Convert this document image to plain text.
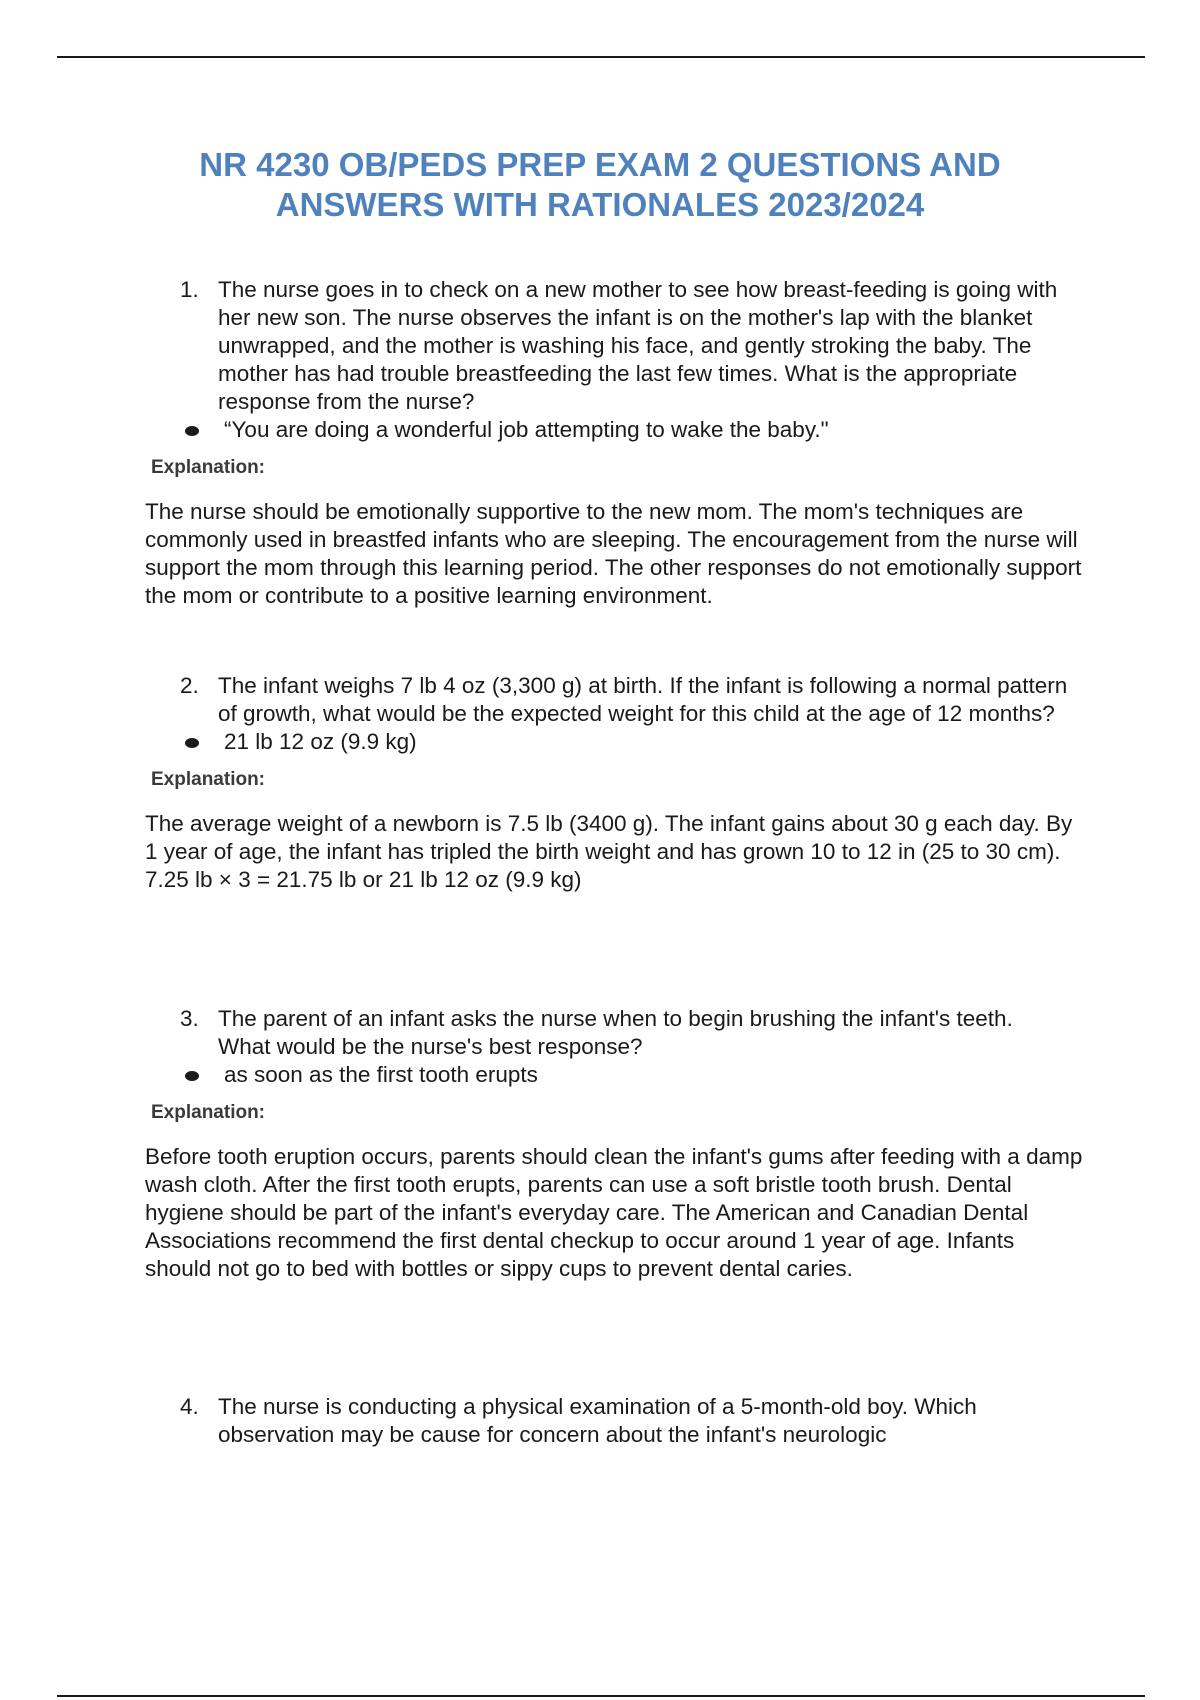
NR 4230 OB/PEDS PREP EXAM 2 QUESTIONS AND
ANSWERS WITH RATIONALES 2023/2024
1. The nurse goes in to check on a new mother to see how breast-feeding is going with her new son. The nurse observes the infant is on the mother's lap with the blanket unwrapped, and the mother is washing his face, and gently stroking the baby. The mother has had trouble breastfeeding the last few times. What is the appropriate response from the nurse?
“You are doing a wonderful job attempting to wake the baby."
Explanation:
The nurse should be emotionally supportive to the new mom. The mom's techniques are commonly used in breastfed infants who are sleeping. The encouragement from the nurse will support the mom through this learning period. The other responses do not emotionally support the mom or contribute to a positive learning environment.
2. The infant weighs 7 lb 4 oz (3,300 g) at birth. If the infant is following a normal pattern of growth, what would be the expected weight for this child at the age of 12 months?
21 lb 12 oz (9.9 kg)
Explanation:
The average weight of a newborn is 7.5 lb (3400 g). The infant gains about 30 g each day. By 1 year of age, the infant has tripled the birth weight and has grown 10 to 12 in (25 to 30 cm). 7.25 lb × 3 = 21.75 lb or 21 lb 12 oz (9.9 kg)
3. The parent of an infant asks the nurse when to begin brushing the infant's teeth. What would be the nurse's best response?
as soon as the first tooth erupts
Explanation:
Before tooth eruption occurs, parents should clean the infant's gums after feeding with a damp wash cloth. After the first tooth erupts, parents can use a soft bristle tooth brush. Dental hygiene should be part of the infant's everyday care. The American and Canadian Dental Associations recommend the first dental checkup to occur around 1 year of age. Infants should not go to bed with bottles or sippy cups to prevent dental caries.
4. The nurse is conducting a physical examination of a 5-month-old boy. Which observation may be cause for concern about the infant's neurologic
